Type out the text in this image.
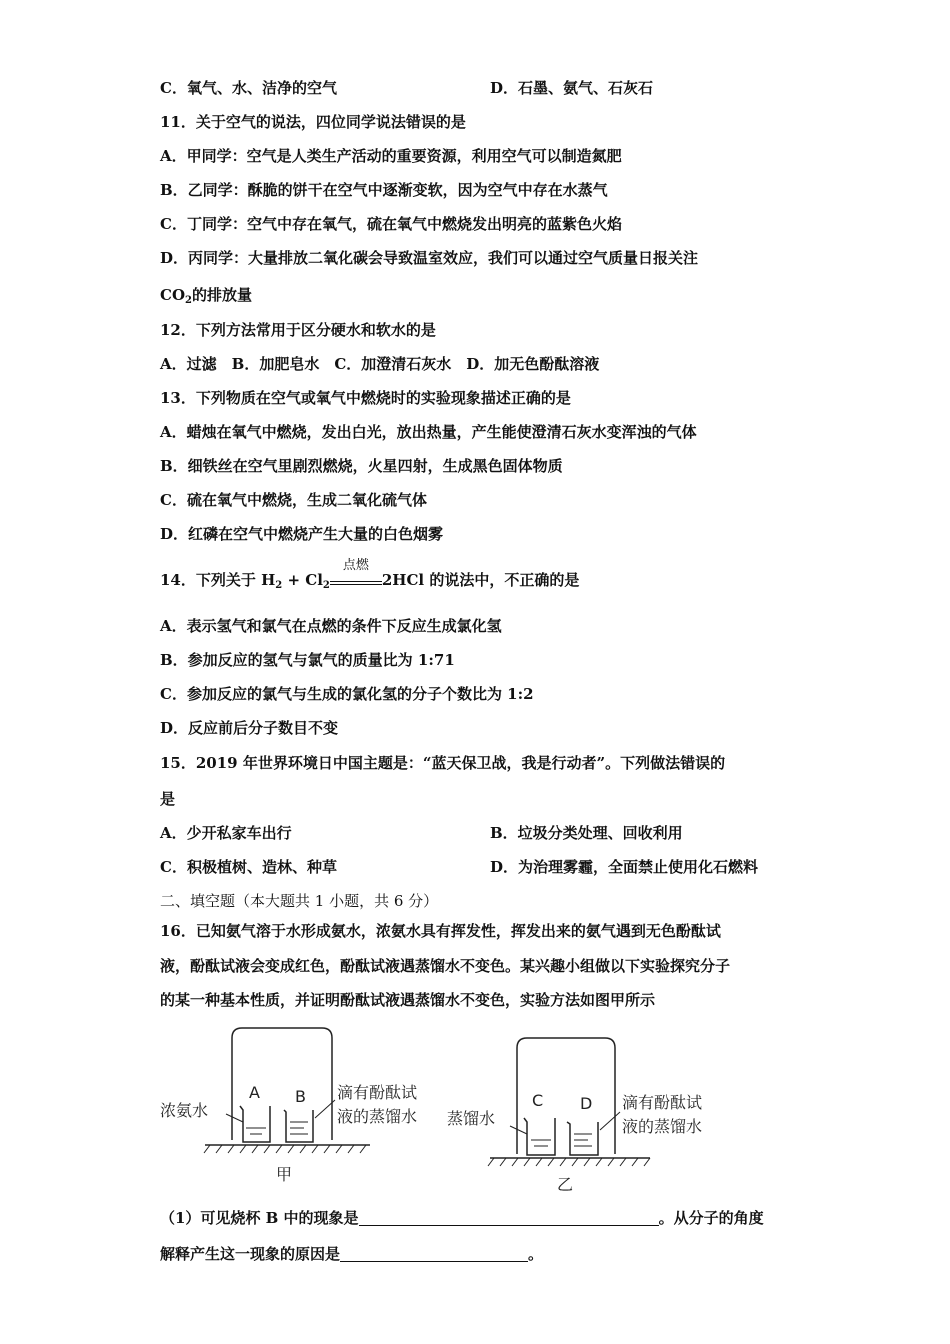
C．氧气、水、洁净的空气	D．石墨、氨气、石灰石
11．关于空气的说法，四位同学说法错误的是
A．甲同学：空气是人类生产活动的重要资源，利用空气可以制造氮肥
B．乙同学：酥脆的饼干在空气中逐渐变软，因为空气中存在水蒸气
C．丁同学：空气中存在氧气，硫在氧气中燃烧发出明亮的蓝紫色火焰
D．丙同学：大量排放二氧化碳会导致温室效应，我们可以通过空气质量日报关注
$CO_2$的排放量
12．下列方法常用于区分硬水和软水的是
A．过滤　B．加肥皂水　C．加澄清石灰水　D．加无色酚酞溶液
13．下列物质在空气或氧气中燃烧时的实验现象描述正确的是
A．蜡烛在氧气中燃烧，发出白光，放出热量，产生能使澄清石灰水变浑浊的气体
B．细铁丝在空气里剧烈燃烧，火星四射，生成黑色固体物质
C．硫在氧气中燃烧，生成二氧化硫气体
D．红磷在空气中燃烧产生大量的白色烟雾
14．下列关于 $H_2 + Cl_2$
点燃
2HCl 的说法中，不正确的是
A．表示氢气和氯气在点燃的条件下反应生成氯化氢
B．参加反应的氢气与氯气的质量比为 1:71
C．参加反应的氯气与生成的氯化氢的分子个数比为 1:2
D．反应前后分子数目不变
15．2019 年世界环境日中国主题是：“蓝天保卫战，我是行动者”。下列做法错误的
是
A．少开私家车出行	B．垃圾分类处理、回收利用
C．积极植树、造林、种草	D．为治理雾霾，全面禁止使用化石燃料
二、填空题（本大题共 1 小题，共 6 分）
16．已知氨气溶于水形成氨水，浓氨水具有挥发性，挥发出来的氨气遇到无色酚酞试
液，酚酞试液会变成红色，酚酞试液遇蒸馏水不变色。某兴趣小组做以下实验探究分子
的某一种基本性质，并证明酚酞试液遇蒸馏水不变色，实验方法如图甲所示
A B
浓氨水
滴有酚酞试
液的蒸馏水
甲
C D
蒸馏水
滴有酚酞试
液的蒸馏水
乙
（1）可见烧杯 B 中的现象是	。从分子的角度
解释产生这一现象的原因是	。
